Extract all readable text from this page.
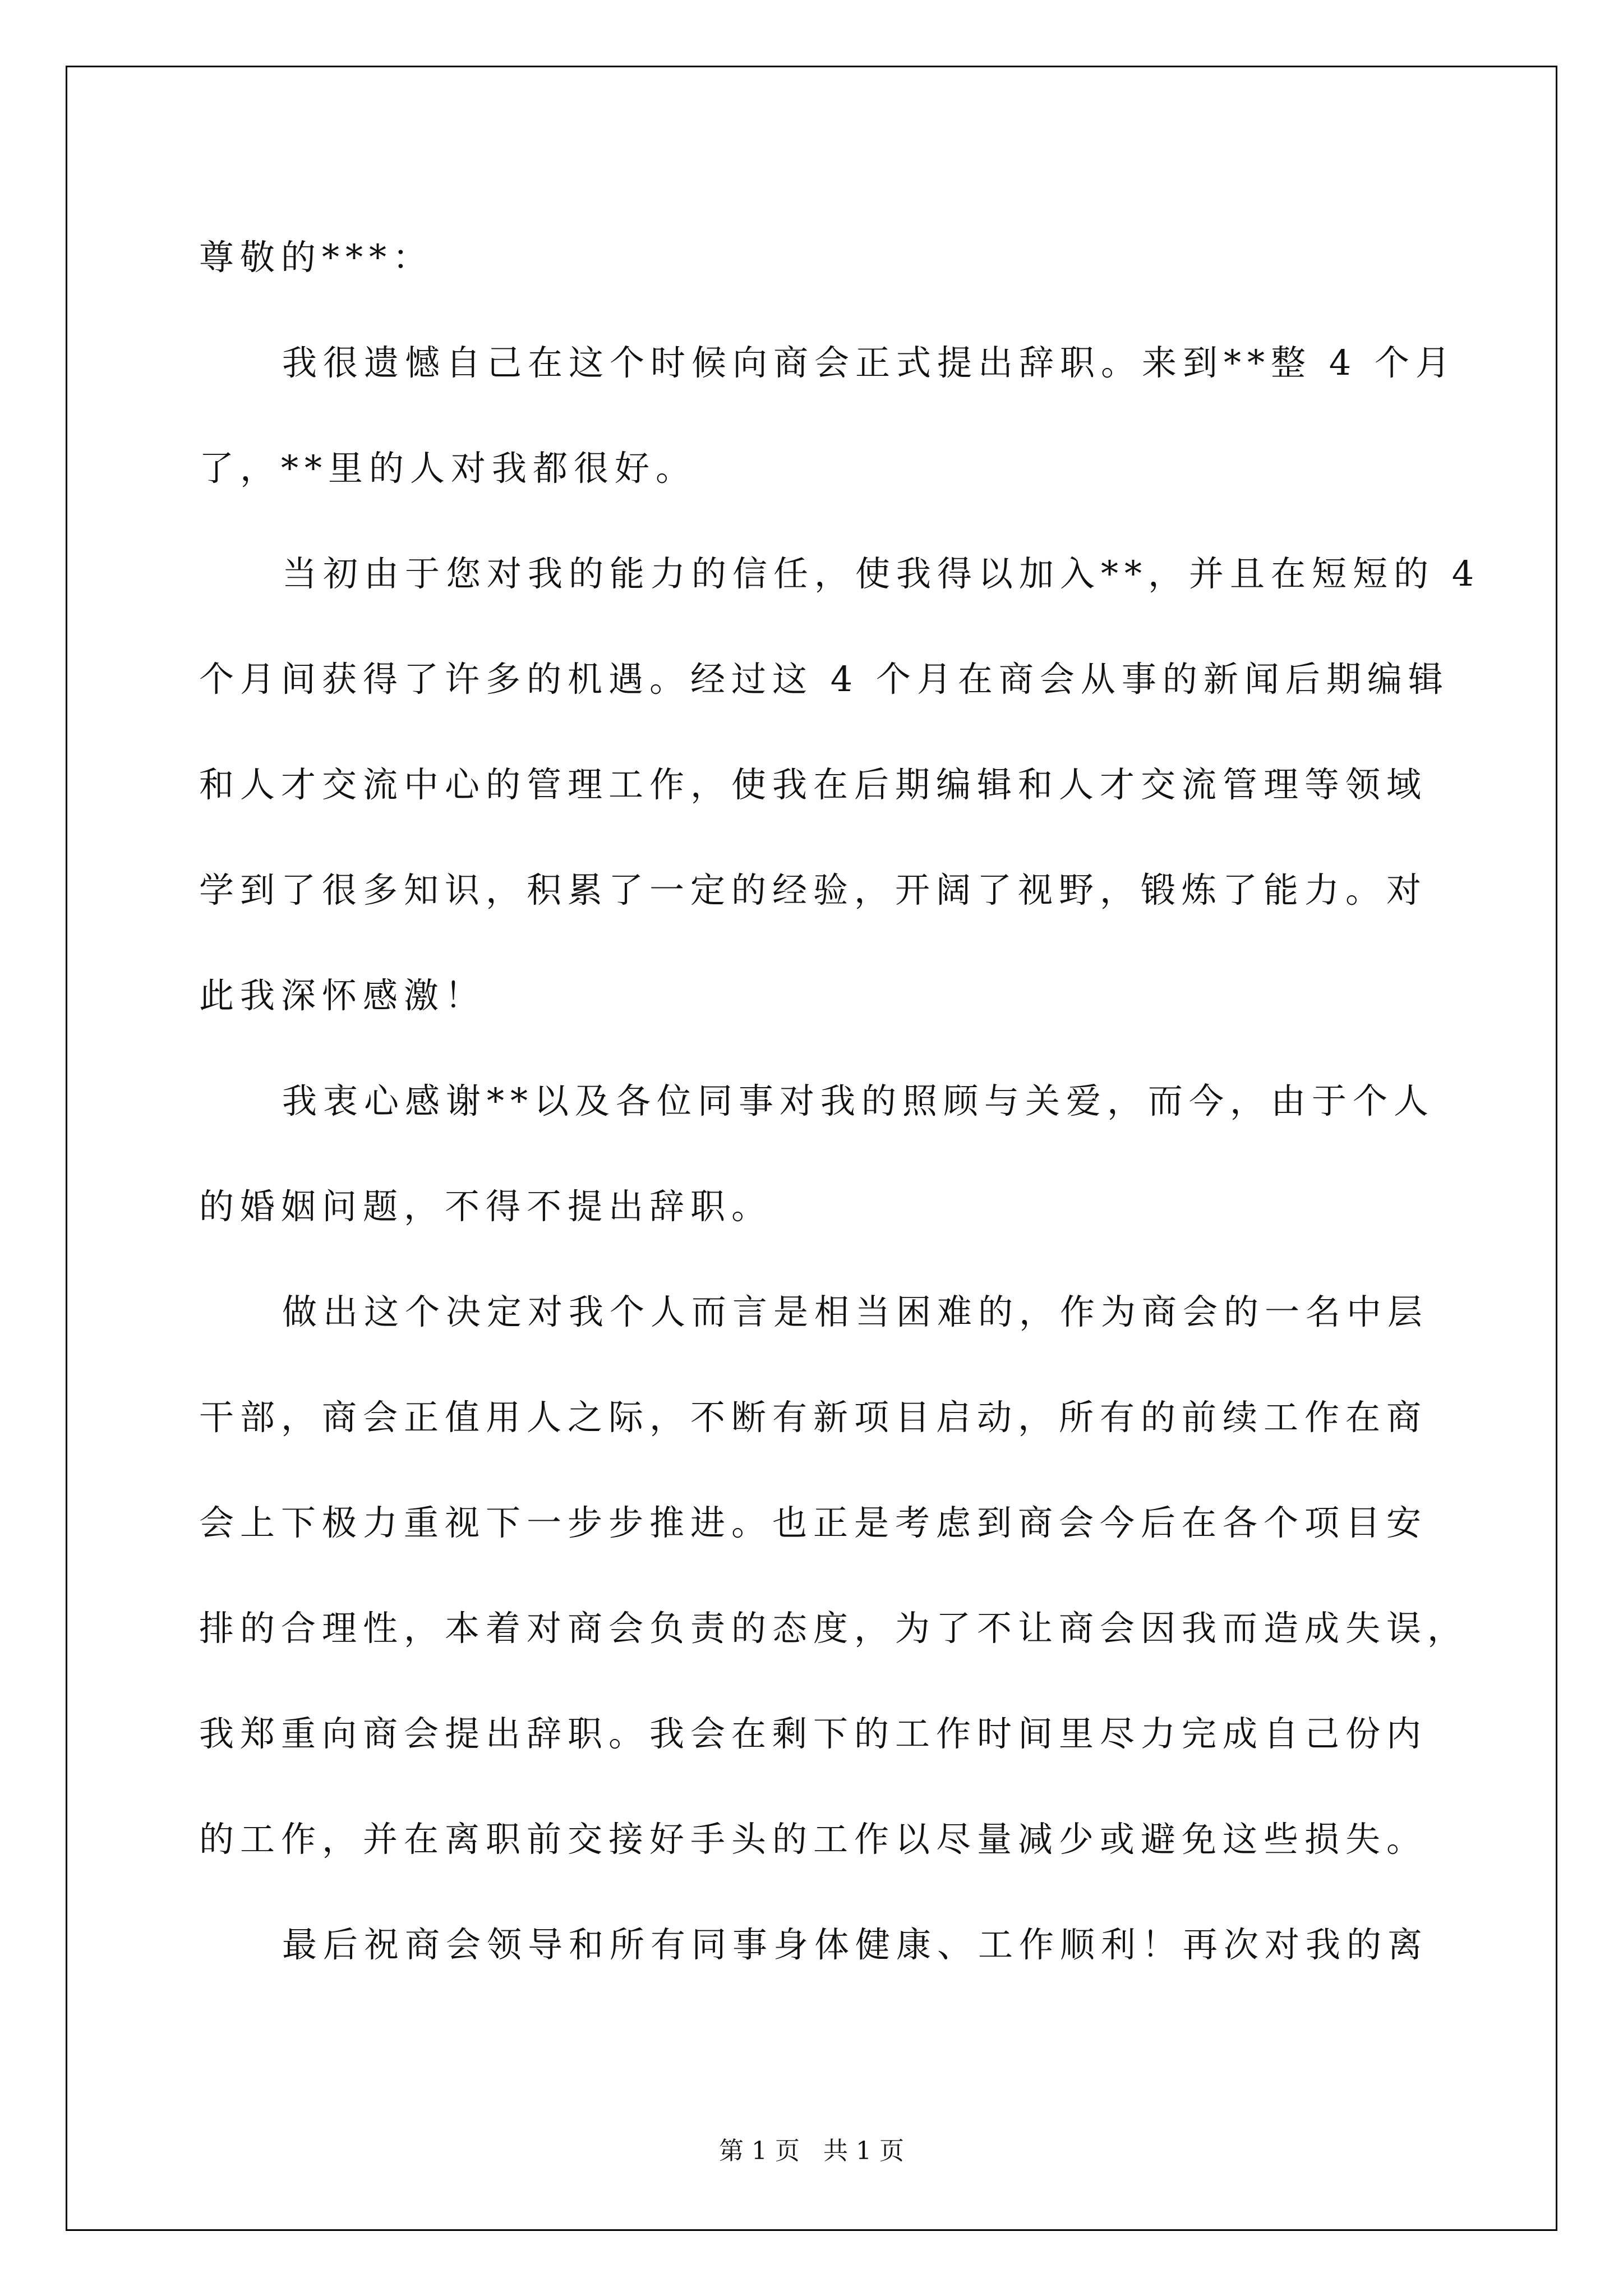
尊敬的***：

我很遗憾自己在这个时候向商会正式提出辞职。来到**整 4 个月

了，**里的人对我都很好。

当初由于您对我的能力的信任，使我得以加入**，并且在短短的 4

个月间获得了许多的机遇。经过这 4 个月在商会从事的新闻后期编辑

和人才交流中心的管理工作，使我在后期编辑和人才交流管理等领域

学到了很多知识，积累了一定的经验，开阔了视野，锻炼了能力。对

此我深怀感激！

我衷心感谢**以及各位同事对我的照顾与关爱，而今，由于个人

的婚姻问题，不得不提出辞职。

做出这个决定对我个人而言是相当困难的，作为商会的一名中层

干部，商会正值用人之际，不断有新项目启动，所有的前续工作在商

会上下极力重视下一步步推进。也正是考虑到商会今后在各个项目安

排的合理性，本着对商会负责的态度，为了不让商会因我而造成失误，

我郑重向商会提出辞职。我会在剩下的工作时间里尽力完成自己份内

的工作，并在离职前交接好手头的工作以尽量减少或避免这些损失。

最后祝商会领导和所有同事身体健康、工作顺利！再次对我的离

第 1 页   共 1 页
